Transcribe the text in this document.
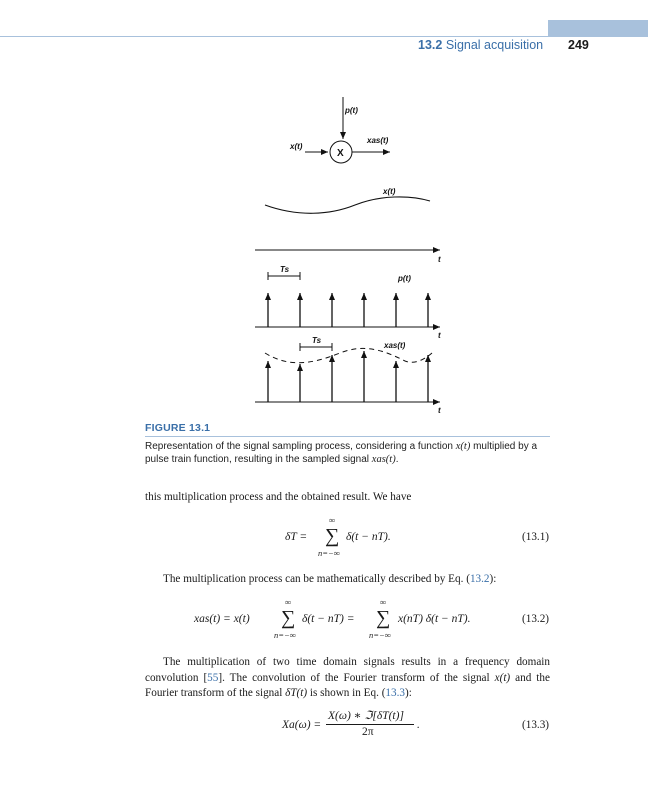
13.2 Signal acquisition 249
p(t)
x(t)
X
xas(t)
x(t)
t
Ts
p(t)
t
Ts
xas(t)
t
FIGURE 13.1
Representation of the signal sampling process, considering a function x(t) multiplied by a pulse train function, resulting in the sampled signal xas(t).
this multiplication process and the obtained result. We have
δT =
∞
∑
n=−∞
δ(t − nT).	(13.1)
The multiplication process can be mathematically described by Eq. (13.2):
xas(t) = x(t)
∞
∑
n=−∞
δ(t − nT) =
∞
∑
n=−∞
x(nT) δ(t − nT).	(13.2)
The multiplication of two time domain signals results in a frequency domain convolution [55]. The convolution of the Fourier transform of the signal x(t) and the Fourier transform of the signal δT(t) is shown in Eq. (13.3):
Xa(ω) =
X(ω) ∗ ℑ[δT(t)]
2π
.	(13.3)
